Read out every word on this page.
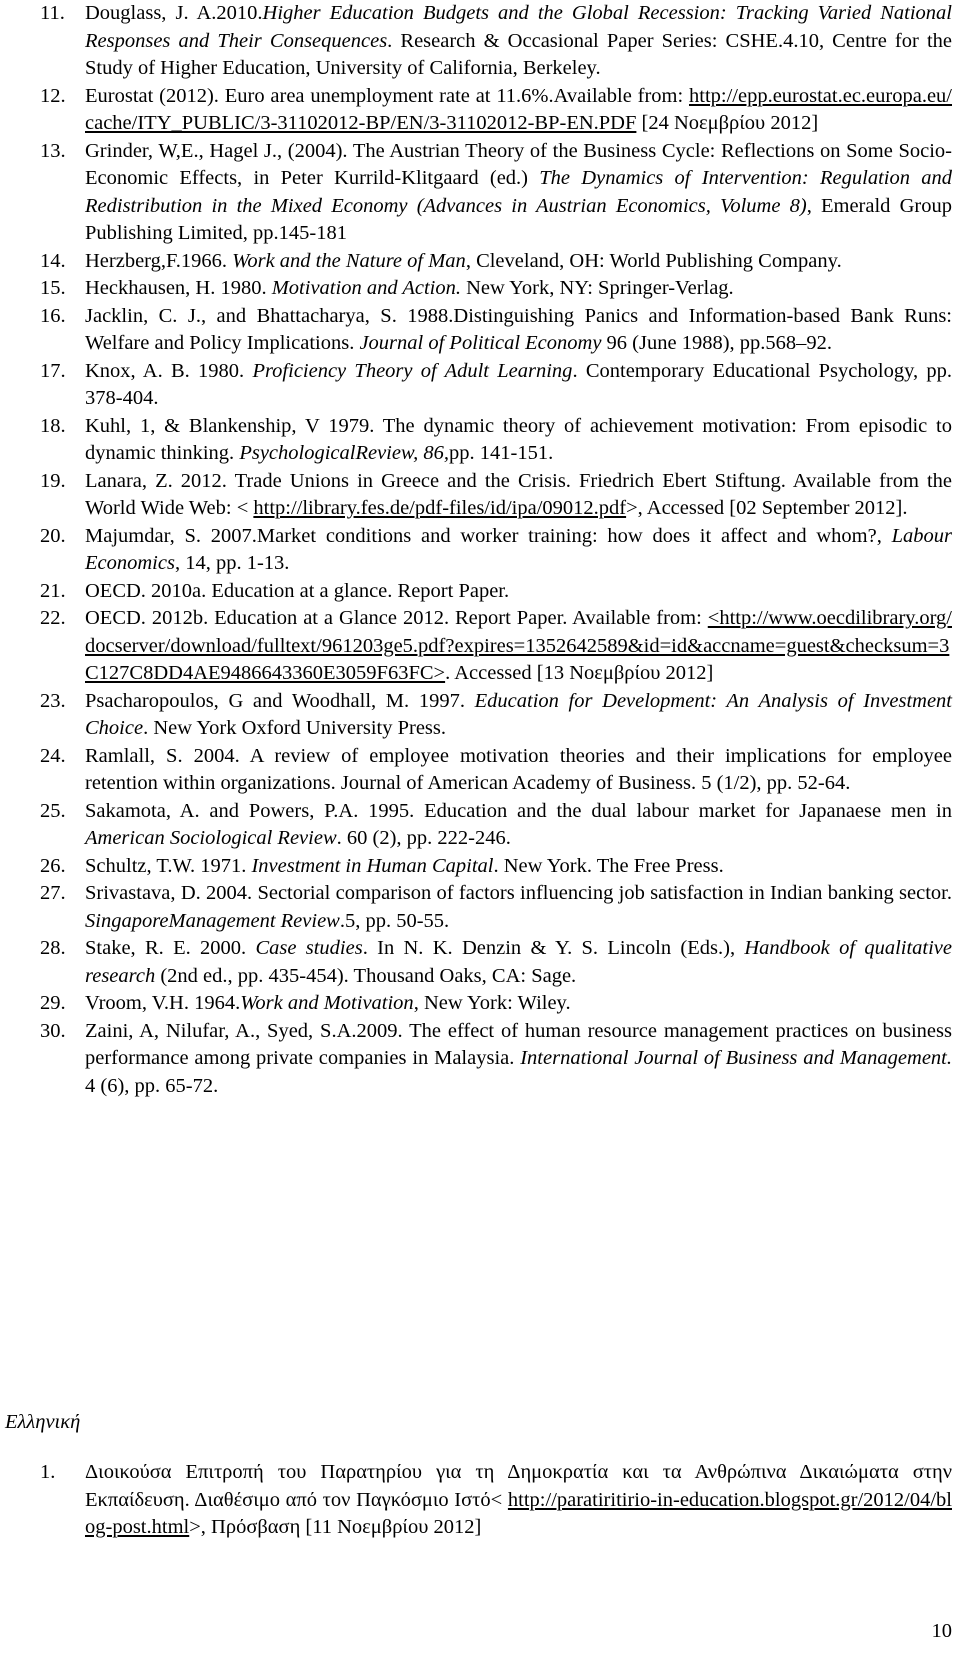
11. Douglass, J. A.2010.Higher Education Budgets and the Global Recession: Tracking Varied National Responses and Their Consequences. Research & Occasional Paper Series: CSHE.4.10, Centre for the Study of Higher Education, University of California, Berkeley.

12. Eurostat (2012). Euro area unemployment rate at 11.6%.Available from: http://epp.eurostat.ec.europa.eu/cache/ITY_PUBLIC/3-31102012-BP/EN/3-31102012-BP-EN.PDF [24 Νοεμβρίου 2012]

13. Grinder, W,E., Hagel J., (2004). The Austrian Theory of the Business Cycle: Reflections on Some Socio-Economic Effects, in Peter Kurrild-Klitgaard (ed.) The Dynamics of Intervention: Regulation and Redistribution in the Mixed Economy (Advances in Austrian Economics, Volume 8), Emerald Group Publishing Limited, pp.145-181

14. Herzberg,F.1966. Work and the Nature of Man, Cleveland, OH: World Publishing Company.

15. Heckhausen, H. 1980. Motivation and Action. New York, NY: Springer-Verlag.

16. Jacklin, C. J., and Bhattacharya, S. 1988.Distinguishing Panics and Information-based Bank Runs: Welfare and Policy Implications. Journal of Political Economy 96 (June 1988), pp.568–92.

17. Knox, A. B. 1980. Proficiency Theory of Adult Learning. Contemporary Educational Psychology, pp. 378-404.

18. Kuhl, 1, & Blankenship, V 1979. The dynamic theory of achievement motivation: From episodic to dynamic thinking. PsychologicalReview, 86,pp. 141-151.

19. Lanara, Z. 2012. Trade Unions in Greece and the Crisis. Friedrich Ebert Stiftung. Available from the World Wide Web: < http://library.fes.de/pdf-files/id/ipa/09012.pdf>, Accessed [02 September 2012].

20. Majumdar, S. 2007.Market conditions and worker training: how does it affect and whom?, Labour Economics, 14, pp. 1-13.

21. OECD. 2010a. Education at a glance. Report Paper.

22. OECD. 2012b. Education at a Glance 2012. Report Paper. Available from: <http://www.oecdilibrary.org/docserver/download/fulltext/961203ge5.pdf?expires=1352642589&id=id&accname=guest&checksum=3C127C8DD4AE9486643360E3059F63FC>. Accessed [13 Νοεμβρίου 2012]

23. Psacharopoulos, G and Woodhall, M. 1997. Education for Development: An Analysis of Investment Choice. New York Oxford University Press.

24. Ramlall, S. 2004. A review of employee motivation theories and their implications for employee retention within organizations. Journal of American Academy of Business. 5 (1/2), pp. 52-64.

25. Sakamota, A. and Powers, P.A. 1995. Education and the dual labour market for Japanaese men in American Sociological Review. 60 (2), pp. 222-246.

26. Schultz, T.W. 1971. Investment in Human Capital. New York. The Free Press.

27. Srivastava, D. 2004. Sectorial comparison of factors influencing job satisfaction in Indian banking sector. SingaporeManagement Review.5, pp. 50-55.

28. Stake, R. E. 2000. Case studies. In N. K. Denzin & Y. S. Lincoln (Eds.), Handbook of qualitative research (2nd ed., pp. 435-454). Thousand Oaks, CA: Sage.

29. Vroom, V.H. 1964.Work and Motivation, New York: Wiley.

30. Zaini, A, Nilufar, A., Syed, S.A.2009. The effect of human resource management practices on business performance among private companies in Malaysia. International Journal of Business and Management. 4 (6), pp. 65-72.

Ελληνική

1. Διοικούσα Επιτροπή του Παρατηρίου για τη Δημοκρατία και τα Ανθρώπινα Δικαιώματα στην Εκπαίδευση. Διαθέσιμο από τον Παγκόσμιο Ιστό< http://paratiritirio-in-education.blogspot.gr/2012/04/blog-post.html>, Πρόσβαση [11 Νοεμβρίου 2012]

10
